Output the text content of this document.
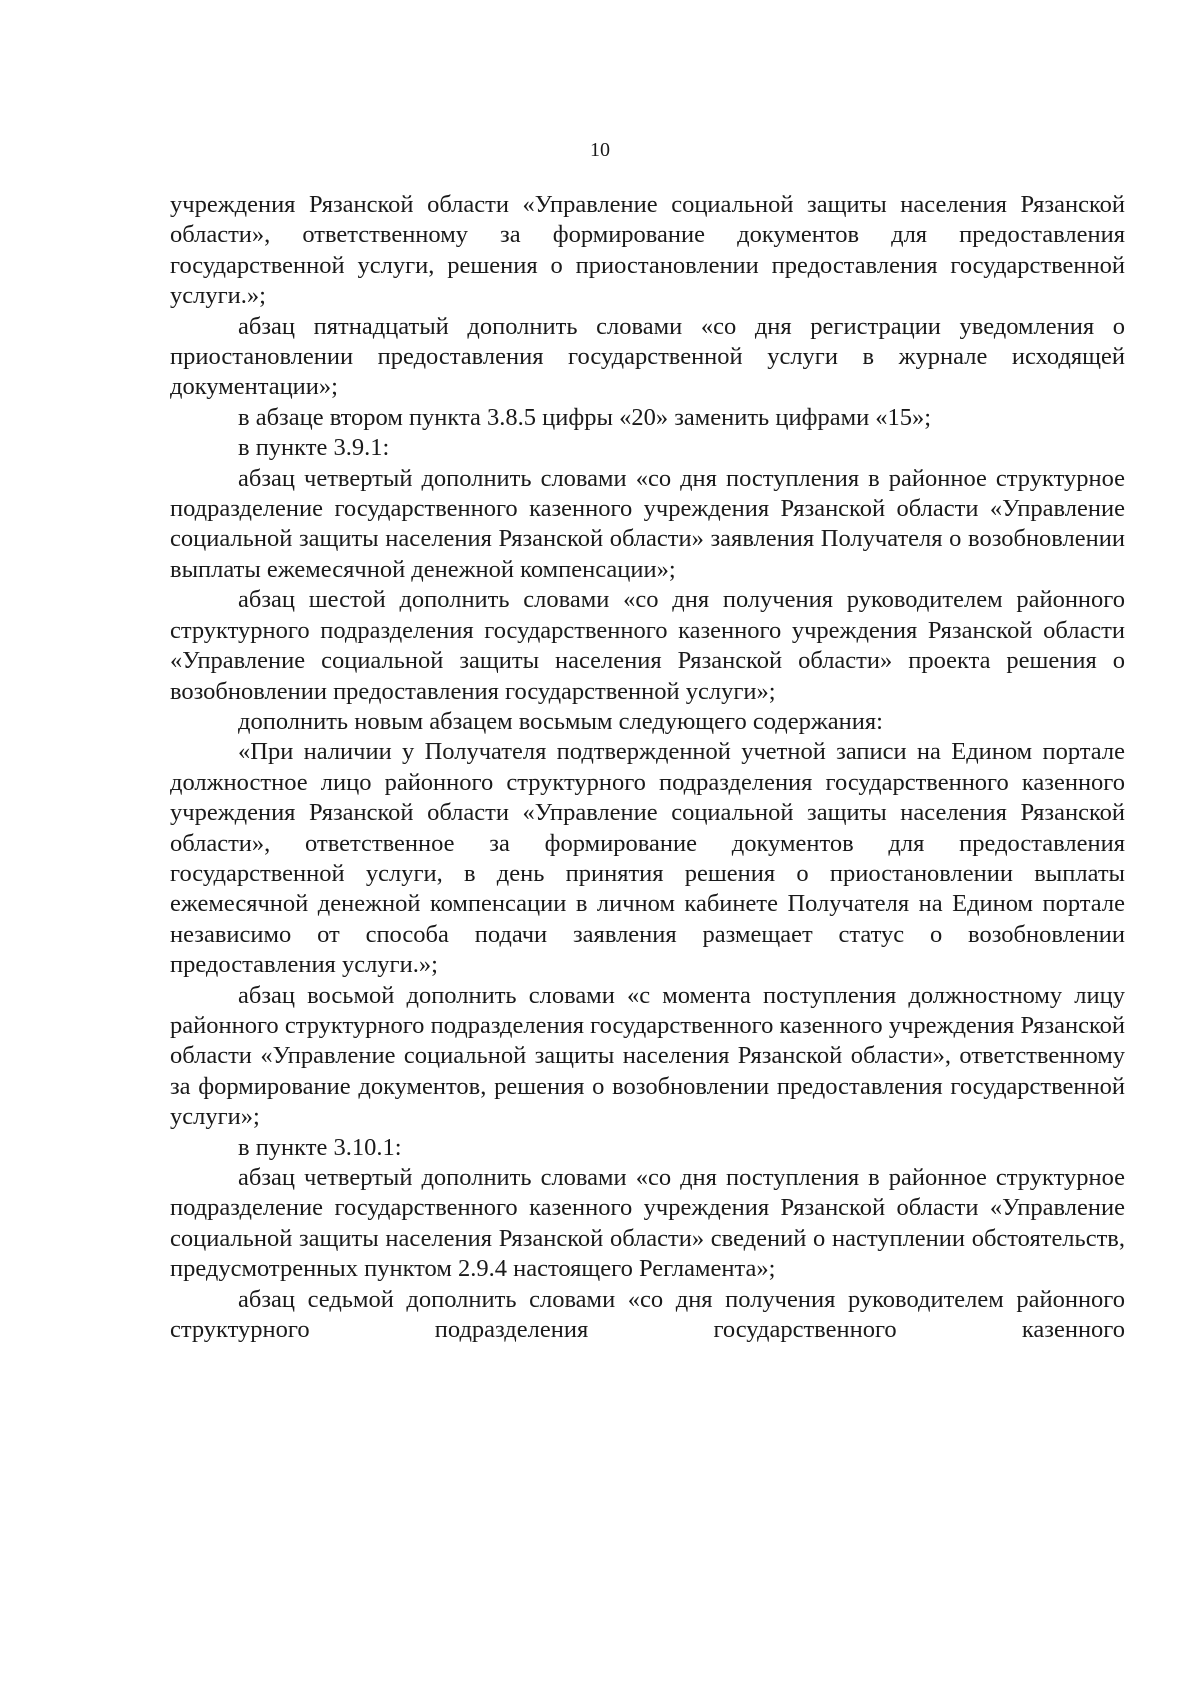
10

учреждения Рязанской области «Управление социальной защиты населения Рязанской области», ответственному за формирование документов для предоставления государственной услуги, решения о приостановлении предоставления государственной услуги.»;

абзац пятнадцатый дополнить словами «со дня регистрации уведомления о приостановлении предоставления государственной услуги в журнале исходящей документации»;

в абзаце втором пункта 3.8.5 цифры «20» заменить цифрами «15»;

в пункте 3.9.1:

абзац четвертый дополнить словами «со дня поступления в районное структурное подразделение государственного казенного учреждения Рязанской области «Управление социальной защиты населения Рязанской области» заявления Получателя о возобновлении выплаты ежемесячной денежной компенсации»;

абзац шестой дополнить словами «со дня получения руководителем районного структурного подразделения государственного казенного учреждения Рязанской области «Управление социальной защиты населения Рязанской области» проекта решения о возобновлении предоставления государственной услуги»;

дополнить новым абзацем восьмым следующего содержания:

«При наличии у Получателя подтвержденной учетной записи на Едином портале должностное лицо районного структурного подразделения государственного казенного учреждения Рязанской области «Управление социальной защиты населения Рязанской области», ответственное за формирование документов для предоставления государственной услуги, в день принятия решения о приостановлении выплаты ежемесячной денежной компенсации в личном кабинете Получателя на Едином портале независимо от способа подачи заявления размещает статус о возобновлении предоставления услуги.»;

абзац восьмой дополнить словами «с момента поступления должностному лицу районного структурного подразделения государственного казенного учреждения Рязанской области «Управление социальной защиты населения Рязанской области», ответственному за формирование документов, решения о возобновлении предоставления государственной услуги»;

в пункте 3.10.1:

абзац четвертый дополнить словами «со дня поступления в районное структурное подразделение государственного казенного учреждения Рязанской области «Управление социальной защиты населения Рязанской области» сведений о наступлении обстоятельств, предусмотренных пунктом 2.9.4 настоящего Регламента»;

абзац седьмой дополнить словами «со дня получения руководителем районного структурного подразделения государственного казенного
